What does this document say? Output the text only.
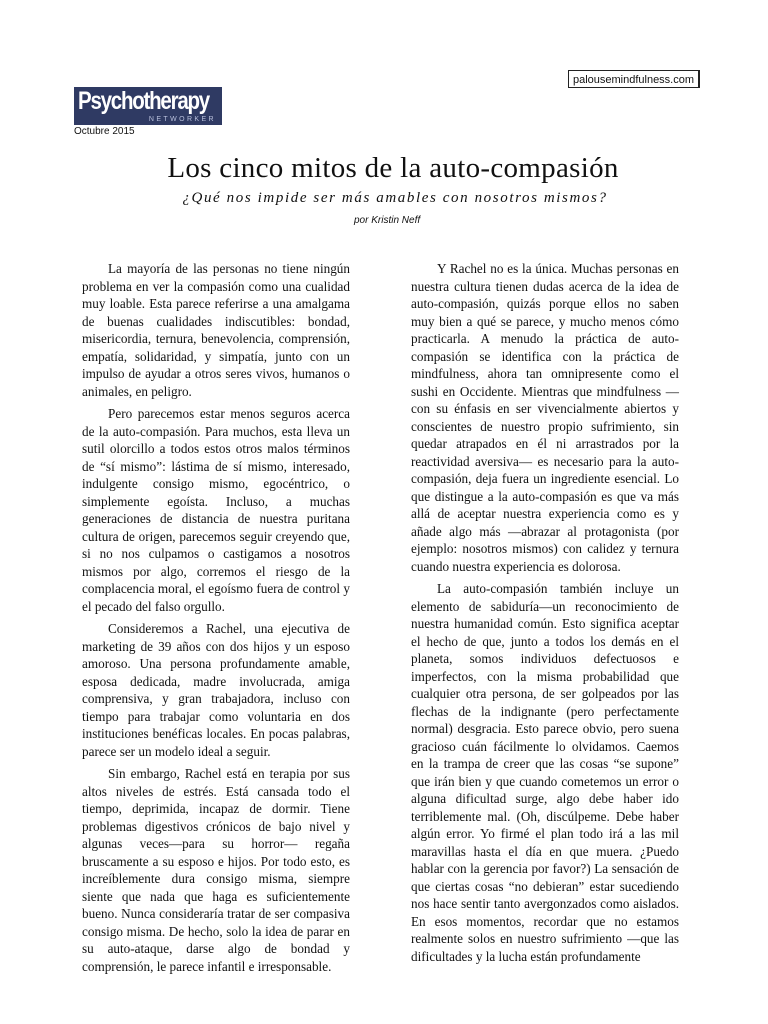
palousemindfulness.com
Psychotherapy
NETWORKER
Octubre 2015
Los cinco mitos de la auto-compasión
¿Qué nos impide ser más amables con nosotros mismos?
por Kristin Neff

La mayoría de las personas no tiene ningún problema en ver la compasión como una cualidad muy loable. Esta parece referirse a una amalgama de buenas cualidades indiscutibles: bondad, misericordia, ternura, benevolencia, comprensión, empatía, solidaridad, y simpatía, junto con un impulso de ayudar a otros seres vivos, humanos o animales, en peligro.

Pero parecemos estar menos seguros acerca de la auto-compasión. Para muchos, esta lleva un sutil olorcillo a todos estos otros malos términos de “sí mismo”: lástima de sí mismo, interesado, indulgente consigo mismo, egocéntrico, o simplemente egoísta. Incluso, a muchas generaciones de distancia de nuestra puritana cultura de origen, parecemos seguir creyendo que, si no nos culpamos o castigamos a nosotros mismos por algo, corremos el riesgo de la complacencia moral, el egoísmo fuera de control y el pecado del falso orgullo.

Consideremos a Rachel, una ejecutiva de marketing de 39 años con dos hijos y un esposo amoroso. Una persona profundamente amable, esposa dedicada, madre involucrada, amiga comprensiva, y gran trabajadora, incluso con tiempo para trabajar como voluntaria en dos instituciones benéficas locales. En pocas palabras, parece ser un modelo ideal a seguir.

Sin embargo, Rachel está en terapia por sus altos niveles de estrés. Está cansada todo el tiempo, deprimida, incapaz de dormir. Tiene problemas digestivos crónicos de bajo nivel y algunas veces—para su horror— regaña bruscamente a su esposo e hijos. Por todo esto, es increíblemente dura consigo misma, siempre siente que nada que haga es suficientemente bueno. Nunca consideraría tratar de ser compasiva consigo misma. De hecho, solo la idea de parar en su auto-ataque, darse algo de bondad y comprensión, le parece infantil e irresponsable.

Y Rachel no es la única. Muchas personas en nuestra cultura tienen dudas acerca de la idea de auto-compasión, quizás porque ellos no saben muy bien a qué se parece, y mucho menos cómo practicarla. A menudo la práctica de auto-compasión se identifica con la práctica de mindfulness, ahora tan omnipresente como el sushi en Occidente. Mientras que mindfulness —con su énfasis en ser vivencialmente abiertos y conscientes de nuestro propio sufrimiento, sin quedar atrapados en él ni arrastrados por la reactividad aversiva— es necesario para la auto-compasión, deja fuera un ingrediente esencial. Lo que distingue a la auto-compasión es que va más allá de aceptar nuestra experiencia como es y añade algo más —abrazar al protagonista (por ejemplo: nosotros mismos) con calidez y ternura cuando nuestra experiencia es dolorosa.

La auto-compasión también incluye un elemento de sabiduría—un reconocimiento de nuestra humanidad común. Esto significa aceptar el hecho de que, junto a todos los demás en el planeta, somos individuos defectuosos e imperfectos, con la misma probabilidad que cualquier otra persona, de ser golpeados por las flechas de la indignante (pero perfectamente normal) desgracia. Esto parece obvio, pero suena gracioso cuán fácilmente lo olvidamos. Caemos en la trampa de creer que las cosas “se supone” que irán bien y que cuando cometemos un error o alguna dificultad surge, algo debe haber ido terriblemente mal. (Oh, discúlpeme. Debe haber algún error. Yo firmé el plan todo irá a las mil maravillas hasta el día en que muera. ¿Puedo hablar con la gerencia por favor?) La sensación de que ciertas cosas “no debieran” estar sucediendo nos hace sentir tanto avergonzados como aislados. En esos momentos, recordar que no estamos realmente solos en nuestro sufrimiento —que las dificultades y la lucha están profundamente
